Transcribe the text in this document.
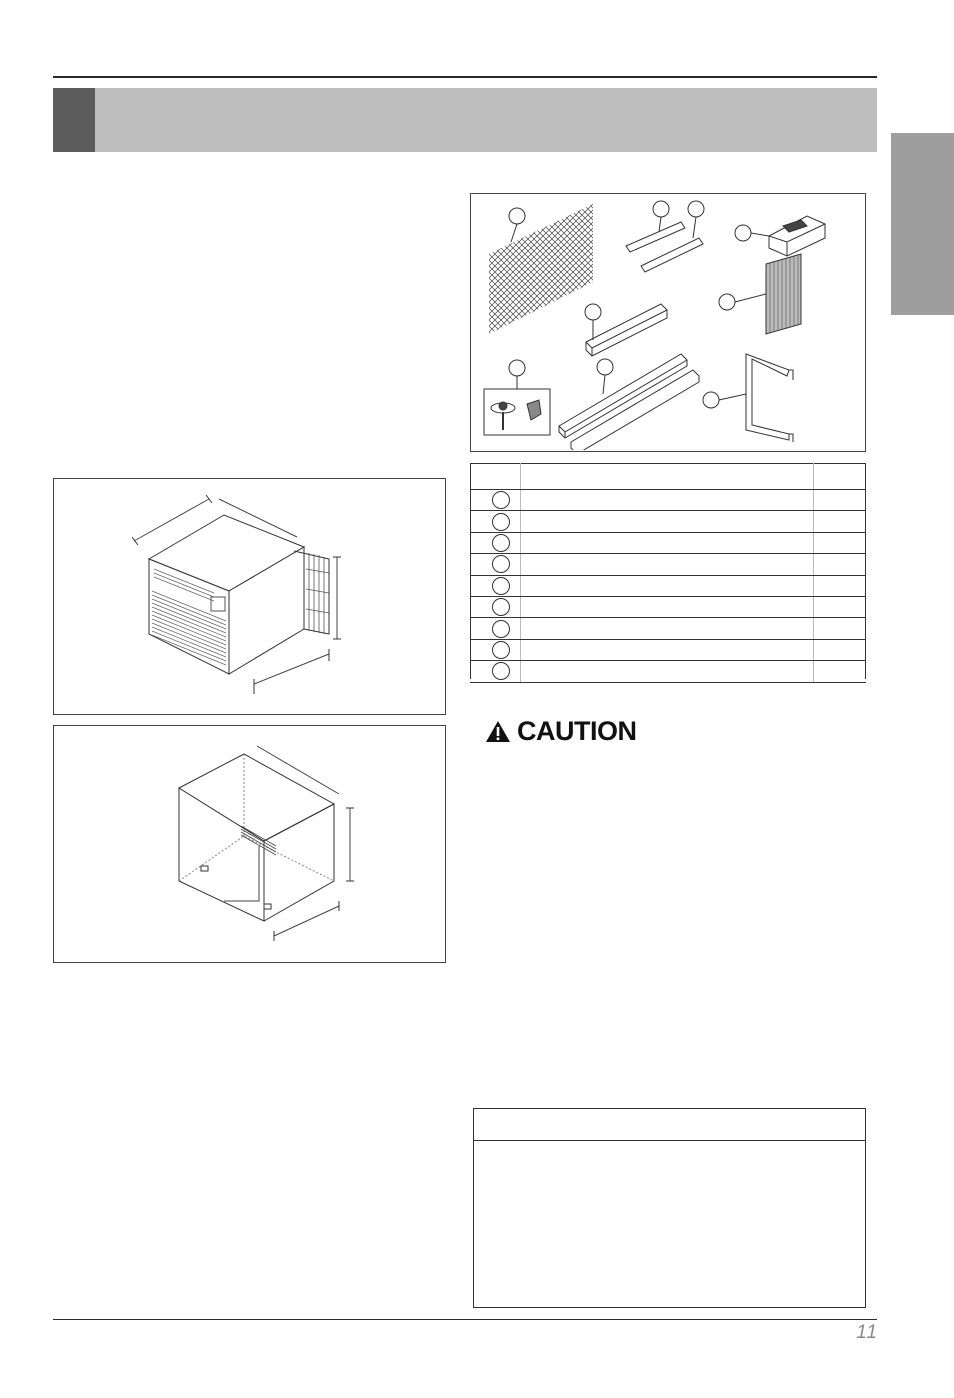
CAUTION
11
